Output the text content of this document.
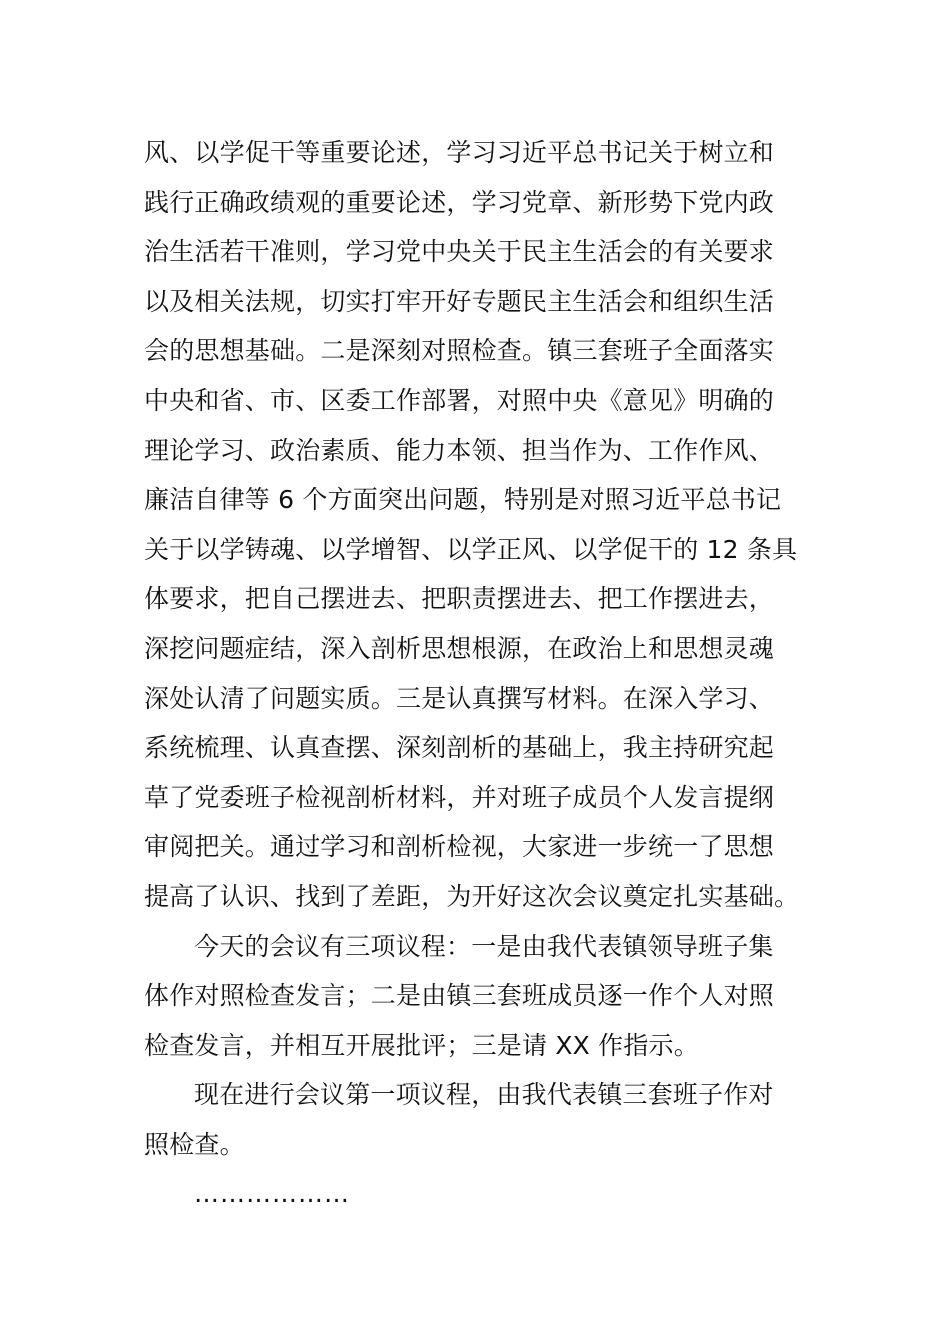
风、以学促干等重要论述，学习习近平总书记关于树立和
践行正确政绩观的重要论述，学习党章、新形势下党内政
治生活若干准则，学习党中央关于民主生活会的有关要求
以及相关法规，切实打牢开好专题民主生活会和组织生活
会的思想基础。二是深刻对照检查。镇三套班子全面落实
中央和省、市、区委工作部署，对照中央《意见》明确的
理论学习、政治素质、能力本领、担当作为、工作作风、
廉洁自律等 6 个方面突出问题，特别是对照习近平总书记
关于以学铸魂、以学增智、以学正风、以学促干的 12 条具
体要求，把自己摆进去、把职责摆进去、把工作摆进去，
深挖问题症结，深入剖析思想根源，在政治上和思想灵魂
深处认清了问题实质。三是认真撰写材料。在深入学习、
系统梳理、认真查摆、深刻剖析的基础上，我主持研究起
草了党委班子检视剖析材料，并对班子成员个人发言提纲
审阅把关。通过学习和剖析检视，大家进一步统一了思想
提高了认识、找到了差距，为开好这次会议奠定扎实基础。
今天的会议有三项议程：一是由我代表镇领导班子集
体作对照检查发言；二是由镇三套班成员逐一作个人对照
检查发言，并相互开展批评；三是请 XX 作指示。
现在进行会议第一项议程，由我代表镇三套班子作对
照检查。
………………
